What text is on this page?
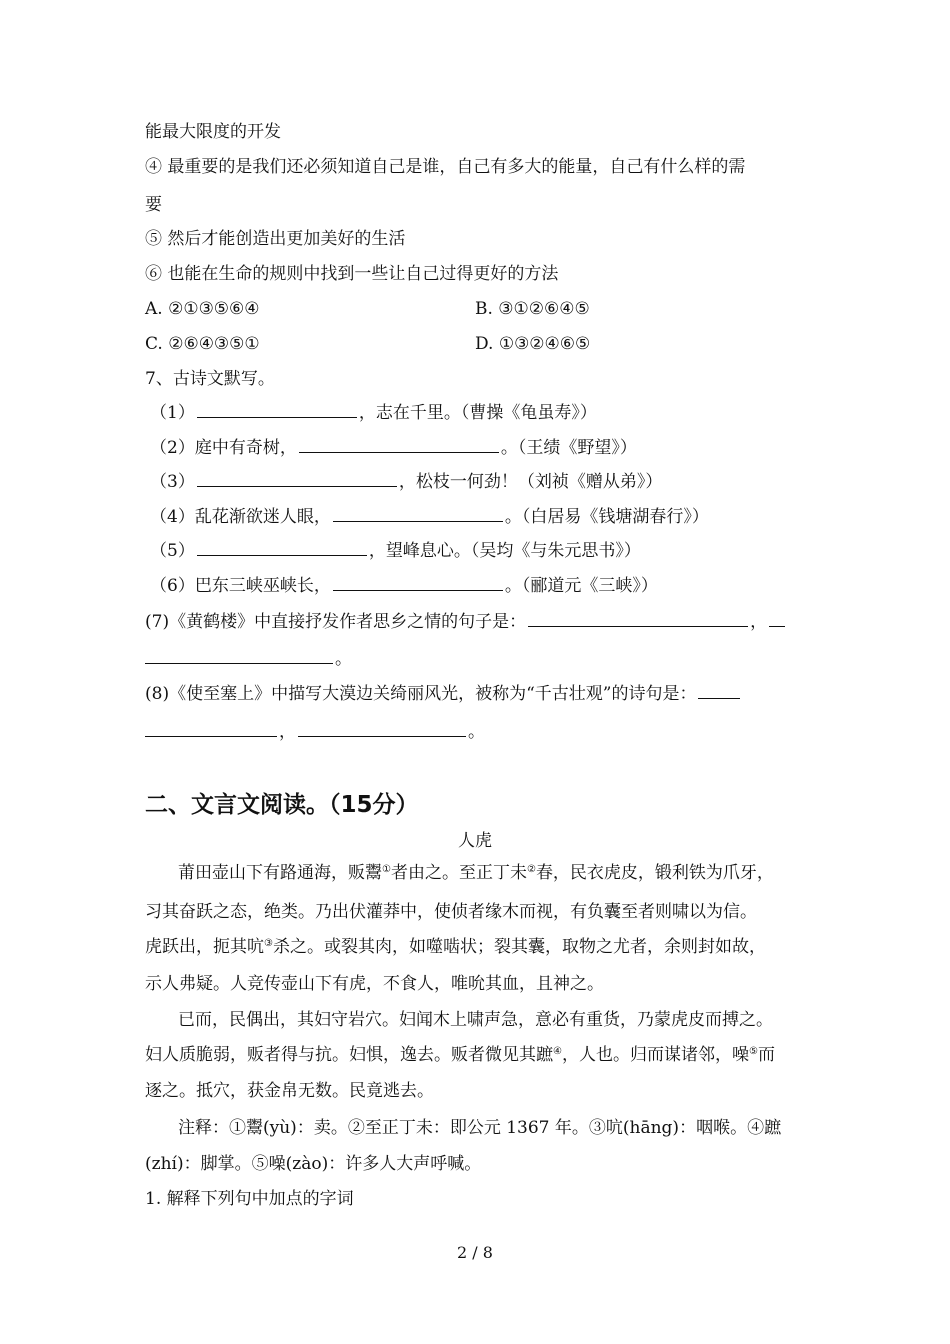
能最大限度的开发
④ 最重要的是我们还必须知道自己是谁，自己有多大的能量，自己有什么样的需
要
⑤ 然后才能创造出更加美好的生活
⑥ 也能在生命的规则中找到一些让自己过得更好的方法
A. ②①③⑤⑥④	B. ③①②⑥④⑤
C. ②⑥④③⑤①	D. ①③②④⑥⑤
7、古诗文默写。
（1）	，志在千里。（曹操《龟虽寿》）
（2）庭中有奇树，	。（王绩《野望》）
（3）	，松枝一何劲！（刘祯《赠从弟》）
（4）乱花渐欲迷人眼，	。（白居易《钱塘湖春行》）
（5）	，望峰息心。（吴均《与朱元思书》）
（6）巴东三峡巫峡长，	。（郦道元《三峡》）
(7)《黄鹤楼》中直接抒发作者思乡之情的句子是：	，
。
(8)《使至塞上》中描写大漠边关绮丽风光，被称为“千古壮观”的诗句是：
，	。
二、文言文阅读。（15分）
人虎
莆田壶山下有路通海，贩鬻①者由之。至正丁未②春，民衣虎皮，锻利铁为爪牙，
习其奋跃之态，绝类。乃出伏灌莽中，使侦者缘木而视，有负囊至者则啸以为信。
虎跃出，扼其吭③杀之。或裂其肉，如噬啮状；裂其囊，取物之尤者，余则封如故，
示人弗疑。人竞传壶山下有虎，不食人，唯吮其血，且神之。
已而，民偶出，其妇守岩穴。妇闻木上啸声急，意必有重货，乃蒙虎皮而搏之。
妇人质脆弱，贩者得与抗。妇惧，逸去。贩者微见其蹠④，人也。归而谋诸邻，噪⑤而
逐之。抵穴，获金帛无数。民竟逃去。
注释：①鬻(yù)：卖。②至正丁未：即公元 1367 年。③吭(hāng)：咽喉。④蹠
(zhí)：脚掌。⑤噪(zào)：许多人大声呼喊。
1. 解释下列句中加点的字词
2 / 8
